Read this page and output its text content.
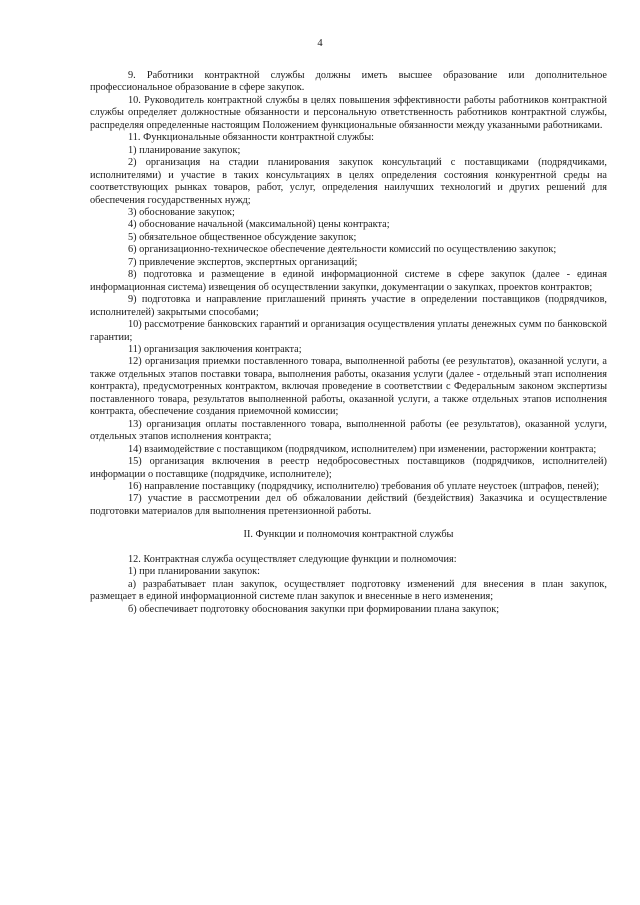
4

9. Работники контрактной службы должны иметь высшее образование или дополнительное профессиональное образование в сфере закупок.

10. Руководитель контрактной службы в целях повышения эффективности работы работников контрактной службы определяет должностные обязанности и персональную ответственность работников контрактной службы, распределяя определенные настоящим Положением функциональные обязанности между указанными работниками.

11. Функциональные обязанности контрактной службы:

1) планирование закупок;

2) организация на стадии планирования закупок консультаций с поставщиками (подрядчиками, исполнителями) и участие в таких консультациях в целях определения состояния конкурентной среды на соответствующих рынках товаров, работ, услуг, определения наилучших технологий и других решений для обеспечения государственных нужд;

3) обоснование закупок;

4) обоснование начальной (максимальной) цены контракта;

5) обязательное общественное обсуждение закупок;

6) организационно-техническое обеспечение деятельности комиссий по осуществлению закупок;

7) привлечение экспертов, экспертных организаций;

8) подготовка и размещение в единой информационной системе в сфере закупок (далее - единая информационная система) извещения об осуществлении закупки, документации о закупках, проектов контрактов;

9) подготовка и направление приглашений принять участие в определении поставщиков (подрядчиков, исполнителей) закрытыми способами;

10) рассмотрение банковских гарантий и организация осуществления уплаты денежных сумм по банковской гарантии;

11) организация заключения контракта;

12) организация приемки поставленного товара, выполненной работы (ее результатов), оказанной услуги, а также отдельных этапов поставки товара, выполнения работы, оказания услуги (далее - отдельный этап исполнения контракта), предусмотренных контрактом, включая проведение в соответствии с Федеральным законом экспертизы поставленного товара, результатов выполненной работы, оказанной услуги, а также отдельных этапов исполнения контракта, обеспечение создания приемочной комиссии;

13) организация оплаты поставленного товара, выполненной работы (ее результатов), оказанной услуги, отдельных этапов исполнения контракта;

14) взаимодействие с поставщиком (подрядчиком, исполнителем) при изменении, расторжении контракта;

15) организация включения в реестр недобросовестных поставщиков (подрядчиков, исполнителей) информации о поставщике (подрядчике, исполнителе);

16) направление поставщику (подрядчику, исполнителю) требования об уплате неустоек (штрафов, пеней);

17) участие в рассмотрении дел об обжаловании действий (бездействия) Заказчика и осуществление подготовки материалов для выполнения претензионной работы.

II. Функции и полномочия контрактной службы

12. Контрактная служба осуществляет следующие функции и полномочия:

1) при планировании закупок:

а) разрабатывает план закупок, осуществляет подготовку изменений для внесения в план закупок, размещает в единой информационной системе план закупок и внесенные в него изменения;

б) обеспечивает подготовку обоснования закупки при формировании плана закупок;
